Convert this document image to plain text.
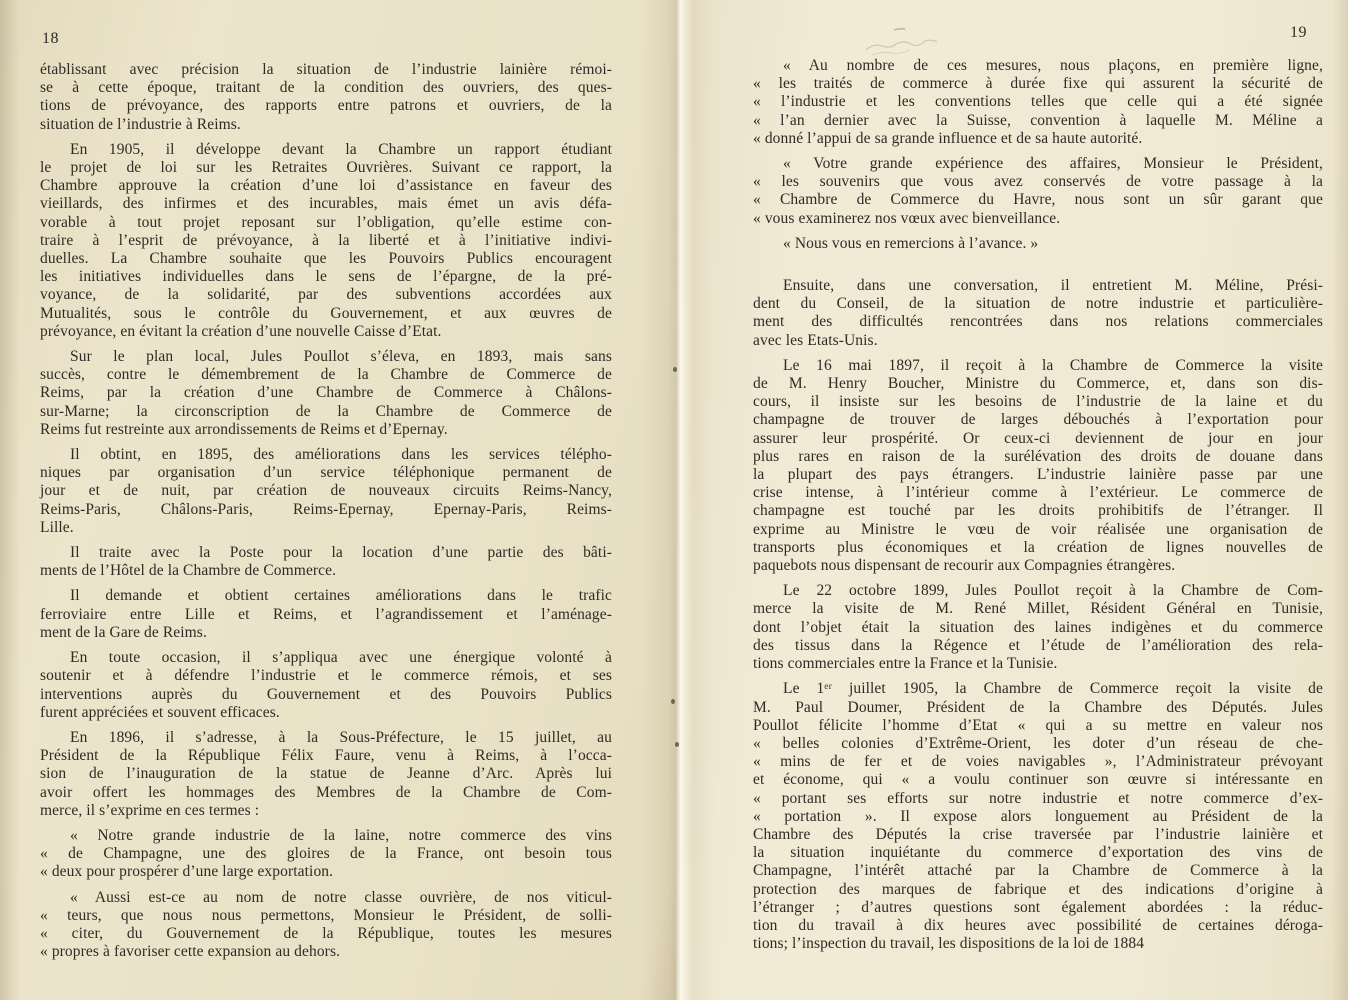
18
établissant avec précision la situation de l’industrie lainière rémoi-
se à cette époque, traitant de la condition des ouvriers, des ques-
tions de prévoyance, des rapports entre patrons et ouvriers, de la
situation de l’industrie à Reims.
En 1905, il développe devant la Chambre un rapport étudiant
le projet de loi sur les Retraites Ouvrières. Suivant ce rapport, la
Chambre approuve la création d’une loi d’assistance en faveur des
vieillards, des infirmes et des incurables, mais émet un avis défa-
vorable à tout projet reposant sur l’obligation, qu’elle estime con-
traire à l’esprit de prévoyance, à la liberté et à l’initiative indivi-
duelles. La Chambre souhaite que les Pouvoirs Publics encouragent
les initiatives individuelles dans le sens de l’épargne, de la pré-
voyance, de la solidarité, par des subventions accordées aux
Mutualités, sous le contrôle du Gouvernement, et aux œuvres de
prévoyance, en évitant la création d’une nouvelle Caisse d’Etat.
Sur le plan local, Jules Poullot s’éleva, en 1893, mais sans
succès, contre le démembrement de la Chambre de Commerce de
Reims, par la création d’une Chambre de Commerce à Châlons-
sur-Marne; la circonscription de la Chambre de Commerce de
Reims fut restreinte aux arrondissements de Reims et d’Epernay.
Il obtint, en 1895, des améliorations dans les services télépho-
niques par organisation d’un service téléphonique permanent de
jour et de nuit, par création de nouveaux circuits Reims-Nancy,
Reims-Paris, Châlons-Paris, Reims-Epernay, Epernay-Paris, Reims-
Lille.
Il traite avec la Poste pour la location d’une partie des bâti-
ments de l’Hôtel de la Chambre de Commerce.
Il demande et obtient certaines améliorations dans le trafic
ferroviaire entre Lille et Reims, et l’agrandissement et l’aménage-
ment de la Gare de Reims.
En toute occasion, il s’appliqua avec une énergique volonté à
soutenir et à défendre l’industrie et le commerce rémois, et ses
interventions auprès du Gouvernement et des Pouvoirs Publics
furent appréciées et souvent efficaces.
En 1896, il s’adresse, à la Sous-Préfecture, le 15 juillet, au
Président de la République Félix Faure, venu à Reims, à l’occa-
sion de l’inauguration de la statue de Jeanne d’Arc. Après lui
avoir offert les hommages des Membres de la Chambre de Com-
merce, il s’exprime en ces termes :
« Notre grande industrie de la laine, notre commerce des vins
« de Champagne, une des gloires de la France, ont besoin tous
« deux pour prospérer d’une large exportation.
« Aussi est-ce au nom de notre classe ouvrière, de nos viticul-
« teurs, que nous nous permettons, Monsieur le Président, de solli-
« citer, du Gouvernement de la République, toutes les mesures
« propres à favoriser cette expansion au dehors.
19
« Au nombre de ces mesures, nous plaçons, en première ligne,
« les traités de commerce à durée fixe qui assurent la sécurité de
« l’industrie et les conventions telles que celle qui a été signée
« l’an dernier avec la Suisse, convention à laquelle M. Méline a
« donné l’appui de sa grande influence et de sa haute autorité.
« Votre grande expérience des affaires, Monsieur le Président,
« les souvenirs que vous avez conservés de votre passage à la
« Chambre de Commerce du Havre, nous sont un sûr garant que
« vous examinerez nos vœux avec bienveillance.
« Nous vous en remercions à l’avance. »
Ensuite, dans une conversation, il entretient M. Méline, Prési-
dent du Conseil, de la situation de notre industrie et particulière-
ment des difficultés rencontrées dans nos relations commerciales
avec les Etats-Unis.
Le 16 mai 1897, il reçoit à la Chambre de Commerce la visite
de M. Henry Boucher, Ministre du Commerce, et, dans son dis-
cours, il insiste sur les besoins de l’industrie de la laine et du
champagne de trouver de larges débouchés à l’exportation pour
assurer leur prospérité. Or ceux-ci deviennent de jour en jour
plus rares en raison de la surélévation des droits de douane dans
la plupart des pays étrangers. L’industrie lainière passe par une
crise intense, à l’intérieur comme à l’extérieur. Le commerce de
champagne est touché par les droits prohibitifs de l’étranger. Il
exprime au Ministre le vœu de voir réalisée une organisation de
transports plus économiques et la création de lignes nouvelles de
paquebots nous dispensant de recourir aux Compagnies étrangères.
Le 22 octobre 1899, Jules Poullot reçoit à la Chambre de Com-
merce la visite de M. René Millet, Résident Général en Tunisie,
dont l’objet était la situation des laines indigènes et du commerce
des tissus dans la Régence et l’étude de l’amélioration des rela-
tions commerciales entre la France et la Tunisie.
Le 1ᵉʳ juillet 1905, la Chambre de Commerce reçoit la visite de
M. Paul Doumer, Président de la Chambre des Députés. Jules
Poullot félicite l’homme d’Etat « qui a su mettre en valeur nos
« belles colonies d’Extrême-Orient, les doter d’un réseau de che-
« mins de fer et de voies navigables », l’Administrateur prévoyant
et économe, qui « a voulu continuer son œuvre si intéressante en
« portant ses efforts sur notre industrie et notre commerce d’ex-
« portation ». Il expose alors longuement au Président de la
Chambre des Députés la crise traversée par l’industrie lainière et
la situation inquiétante du commerce d’exportation des vins de
Champagne, l’intérêt attaché par la Chambre de Commerce à la
protection des marques de fabrique et des indications d’origine à
l’étranger ; d’autres questions sont également abordées : la réduc-
tion du travail à dix heures avec possibilité de certaines déroga-
tions; l’inspection du travail, les dispositions de la loi de 1884
